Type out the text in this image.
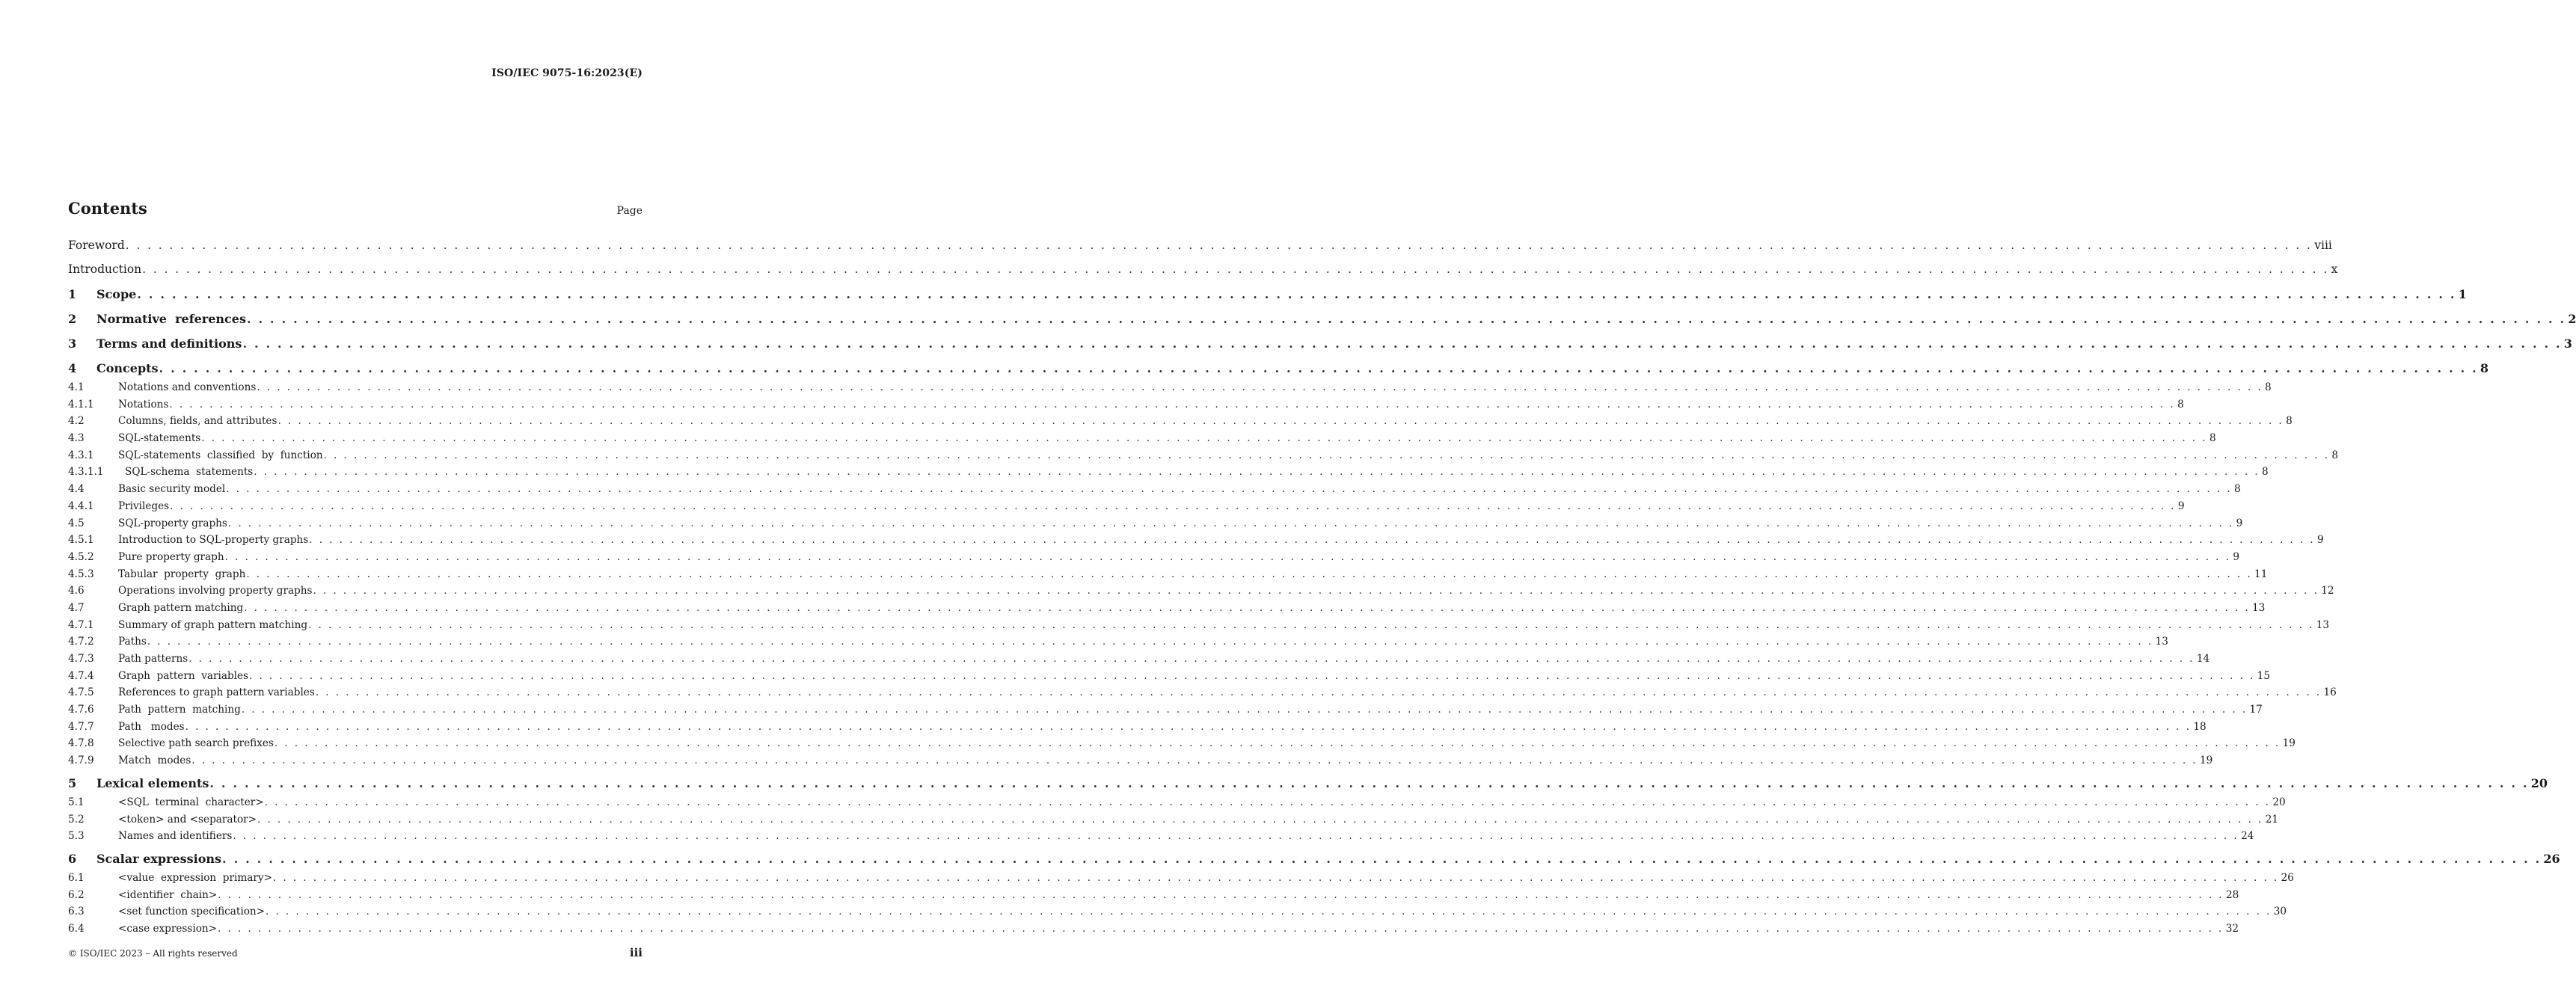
ISO/IEC 9075-16:2023(E)
Contents	Page
Foreword . . . . . . . . . . . . . . . . . . . . . . . . . . . . . . . . . . . . . . . . . . . . . . . . . . . . . . . . . . . . . . . . . . . . . . . . . . . . . . . . . . . . . . . . . . . . . . . . . . . . . . . . . . . . . . . . . . . . . . . . . . . . . . . . . . . . . . . . . . . . . . . . . . . . . . . . . . . . . . . . . . . . . . . . . . . . . . . . . . . . . . . . . . . . . . . . . . . . . . . . viii
Introduction . . . . . . . . . . . . . . . . . . . . . . . . . . . . . . . . . . . . . . . . . . . . . . . . . . . . . . . . . . . . . . . . . . . . . . . . . . . . . . . . . . . . . . . . . . . . . . . . . . . . . . . . . . . . . . . . . . . . . . . . . . . . . . . . . . . . . . . . . . . . . . . . . . . . . . . . . . . . . . . . . . . . . . . . . . . . . . . . . . . . . . . . . . . . . . . . . . . . . . . . x
1	Scope . . . . . . . . . . . . . . . . . . . . . . . . . . . . . . . . . . . . . . . . . . . . . . . . . . . . . . . . . . . . . . . . . . . . . . . . . . . . . . . . . . . . . . . . . . . . . . . . . . . . . . . . . . . . . . . . . . . . . . . . . . . . . . . . . . . . . . . . . . . . . . . . . . . . . . . . . . . . . . . . . . . . . . . . . . . . . . . . . . . . . . . . . . . . . . . . . . . . . . . . 1
2	Normative  references . . . . . . . . . . . . . . . . . . . . . . . . . . . . . . . . . . . . . . . . . . . . . . . . . . . . . . . . . . . . . . . . . . . . . . . . . . . . . . . . . . . . . . . . . . . . . . . . . . . . . . . . . . . . . . . . . . . . . . . . . . . . . . . . . . . . . . . . . . . . . . . . . . . . . . . . . . . . . . . . . . . . . . . . . . . . . . . . . . . . . . . . . . . . . . . . . . . . . . . . 2
3	Terms and definitions . . . . . . . . . . . . . . . . . . . . . . . . . . . . . . . . . . . . . . . . . . . . . . . . . . . . . . . . . . . . . . . . . . . . . . . . . . . . . . . . . . . . . . . . . . . . . . . . . . . . . . . . . . . . . . . . . . . . . . . . . . . . . . . . . . . . . . . . . . . . . . . . . . . . . . . . . . . . . . . . . . . . . . . . . . . . . . . . . . . . . . . . . . . . . . . . . . . . . . . . 3
4	Concepts . . . . . . . . . . . . . . . . . . . . . . . . . . . . . . . . . . . . . . . . . . . . . . . . . . . . . . . . . . . . . . . . . . . . . . . . . . . . . . . . . . . . . . . . . . . . . . . . . . . . . . . . . . . . . . . . . . . . . . . . . . . . . . . . . . . . . . . . . . . . . . . . . . . . . . . . . . . . . . . . . . . . . . . . . . . . . . . . . . . . . . . . . . . . . . . . . . . . . . . . 8
4.1	Notations and conventions . . . . . . . . . . . . . . . . . . . . . . . . . . . . . . . . . . . . . . . . . . . . . . . . . . . . . . . . . . . . . . . . . . . . . . . . . . . . . . . . . . . . . . . . . . . . . . . . . . . . . . . . . . . . . . . . . . . . . . . . . . . . . . . . . . . . . . . . . . . . . . . . . . . . . . . . . . . . . . . . . . . . . . . . . . . . . . . . . . . . . . . . . . . . . . . . . . . . . . . . 8
4.1.1	Notations . . . . . . . . . . . . . . . . . . . . . . . . . . . . . . . . . . . . . . . . . . . . . . . . . . . . . . . . . . . . . . . . . . . . . . . . . . . . . . . . . . . . . . . . . . . . . . . . . . . . . . . . . . . . . . . . . . . . . . . . . . . . . . . . . . . . . . . . . . . . . . . . . . . . . . . . . . . . . . . . . . . . . . . . . . . . . . . . . . . . . . . . . . . . . . . . . . . . . . . . 8
4.2	Columns, fields, and attributes . . . . . . . . . . . . . . . . . . . . . . . . . . . . . . . . . . . . . . . . . . . . . . . . . . . . . . . . . . . . . . . . . . . . . . . . . . . . . . . . . . . . . . . . . . . . . . . . . . . . . . . . . . . . . . . . . . . . . . . . . . . . . . . . . . . . . . . . . . . . . . . . . . . . . . . . . . . . . . . . . . . . . . . . . . . . . . . . . . . . . . . . . . . . . . . . . . . . . . . . 8
4.3	SQL-statements . . . . . . . . . . . . . . . . . . . . . . . . . . . . . . . . . . . . . . . . . . . . . . . . . . . . . . . . . . . . . . . . . . . . . . . . . . . . . . . . . . . . . . . . . . . . . . . . . . . . . . . . . . . . . . . . . . . . . . . . . . . . . . . . . . . . . . . . . . . . . . . . . . . . . . . . . . . . . . . . . . . . . . . . . . . . . . . . . . . . . . . . . . . . . . . . . . . . . . . . 8
4.3.1	SQL-statements  classified  by  function . . . . . . . . . . . . . . . . . . . . . . . . . . . . . . . . . . . . . . . . . . . . . . . . . . . . . . . . . . . . . . . . . . . . . . . . . . . . . . . . . . . . . . . . . . . . . . . . . . . . . . . . . . . . . . . . . . . . . . . . . . . . . . . . . . . . . . . . . . . . . . . . . . . . . . . . . . . . . . . . . . . . . . . . . . . . . . . . . . . . . . . . . . . . . . . . . . . . . . . . 8
4.3.1.1	SQL-schema  statements . . . . . . . . . . . . . . . . . . . . . . . . . . . . . . . . . . . . . . . . . . . . . . . . . . . . . . . . . . . . . . . . . . . . . . . . . . . . . . . . . . . . . . . . . . . . . . . . . . . . . . . . . . . . . . . . . . . . . . . . . . . . . . . . . . . . . . . . . . . . . . . . . . . . . . . . . . . . . . . . . . . . . . . . . . . . . . . . . . . . . . . . . . . . . . . . . . . . . . . . 8
4.4	Basic security model . . . . . . . . . . . . . . . . . . . . . . . . . . . . . . . . . . . . . . . . . . . . . . . . . . . . . . . . . . . . . . . . . . . . . . . . . . . . . . . . . . . . . . . . . . . . . . . . . . . . . . . . . . . . . . . . . . . . . . . . . . . . . . . . . . . . . . . . . . . . . . . . . . . . . . . . . . . . . . . . . . . . . . . . . . . . . . . . . . . . . . . . . . . . . . . . . . . . . . . . 8
4.4.1	Privileges . . . . . . . . . . . . . . . . . . . . . . . . . . . . . . . . . . . . . . . . . . . . . . . . . . . . . . . . . . . . . . . . . . . . . . . . . . . . . . . . . . . . . . . . . . . . . . . . . . . . . . . . . . . . . . . . . . . . . . . . . . . . . . . . . . . . . . . . . . . . . . . . . . . . . . . . . . . . . . . . . . . . . . . . . . . . . . . . . . . . . . . . . . . . . . . . . . . . . . . . 9
4.5	SQL-property graphs . . . . . . . . . . . . . . . . . . . . . . . . . . . . . . . . . . . . . . . . . . . . . . . . . . . . . . . . . . . . . . . . . . . . . . . . . . . . . . . . . . . . . . . . . . . . . . . . . . . . . . . . . . . . . . . . . . . . . . . . . . . . . . . . . . . . . . . . . . . . . . . . . . . . . . . . . . . . . . . . . . . . . . . . . . . . . . . . . . . . . . . . . . . . . . . . . . . . . . . . 9
4.5.1	Introduction to SQL-property graphs . . . . . . . . . . . . . . . . . . . . . . . . . . . . . . . . . . . . . . . . . . . . . . . . . . . . . . . . . . . . . . . . . . . . . . . . . . . . . . . . . . . . . . . . . . . . . . . . . . . . . . . . . . . . . . . . . . . . . . . . . . . . . . . . . . . . . . . . . . . . . . . . . . . . . . . . . . . . . . . . . . . . . . . . . . . . . . . . . . . . . . . . . . . . . . . . . . . . . . . . 9
4.5.2	Pure property graph . . . . . . . . . . . . . . . . . . . . . . . . . . . . . . . . . . . . . . . . . . . . . . . . . . . . . . . . . . . . . . . . . . . . . . . . . . . . . . . . . . . . . . . . . . . . . . . . . . . . . . . . . . . . . . . . . . . . . . . . . . . . . . . . . . . . . . . . . . . . . . . . . . . . . . . . . . . . . . . . . . . . . . . . . . . . . . . . . . . . . . . . . . . . . . . . . . . . . . . . 9
4.5.3	Tabular  property  graph . . . . . . . . . . . . . . . . . . . . . . . . . . . . . . . . . . . . . . . . . . . . . . . . . . . . . . . . . . . . . . . . . . . . . . . . . . . . . . . . . . . . . . . . . . . . . . . . . . . . . . . . . . . . . . . . . . . . . . . . . . . . . . . . . . . . . . . . . . . . . . . . . . . . . . . . . . . . . . . . . . . . . . . . . . . . . . . . . . . . . . . . . . . . . . . . . . . . . . . . 11
4.6	Operations involving property graphs . . . . . . . . . . . . . . . . . . . . . . . . . . . . . . . . . . . . . . . . . . . . . . . . . . . . . . . . . . . . . . . . . . . . . . . . . . . . . . . . . . . . . . . . . . . . . . . . . . . . . . . . . . . . . . . . . . . . . . . . . . . . . . . . . . . . . . . . . . . . . . . . . . . . . . . . . . . . . . . . . . . . . . . . . . . . . . . . . . . . . . . . . . . . . . . . . . . . . . . . 12
4.7	Graph pattern matching . . . . . . . . . . . . . . . . . . . . . . . . . . . . . . . . . . . . . . . . . . . . . . . . . . . . . . . . . . . . . . . . . . . . . . . . . . . . . . . . . . . . . . . . . . . . . . . . . . . . . . . . . . . . . . . . . . . . . . . . . . . . . . . . . . . . . . . . . . . . . . . . . . . . . . . . . . . . . . . . . . . . . . . . . . . . . . . . . . . . . . . . . . . . . . . . . . . . . . . . 13
4.7.1	Summary of graph pattern matching . . . . . . . . . . . . . . . . . . . . . . . . . . . . . . . . . . . . . . . . . . . . . . . . . . . . . . . . . . . . . . . . . . . . . . . . . . . . . . . . . . . . . . . . . . . . . . . . . . . . . . . . . . . . . . . . . . . . . . . . . . . . . . . . . . . . . . . . . . . . . . . . . . . . . . . . . . . . . . . . . . . . . . . . . . . . . . . . . . . . . . . . . . . . . . . . . . . . . . . . 13
4.7.2	Paths . . . . . . . . . . . . . . . . . . . . . . . . . . . . . . . . . . . . . . . . . . . . . . . . . . . . . . . . . . . . . . . . . . . . . . . . . . . . . . . . . . . . . . . . . . . . . . . . . . . . . . . . . . . . . . . . . . . . . . . . . . . . . . . . . . . . . . . . . . . . . . . . . . . . . . . . . . . . . . . . . . . . . . . . . . . . . . . . . . . . . . . . . . . . . . . . . . . . . . . . 13
4.7.3	Path patterns . . . . . . . . . . . . . . . . . . . . . . . . . . . . . . . . . . . . . . . . . . . . . . . . . . . . . . . . . . . . . . . . . . . . . . . . . . . . . . . . . . . . . . . . . . . . . . . . . . . . . . . . . . . . . . . . . . . . . . . . . . . . . . . . . . . . . . . . . . . . . . . . . . . . . . . . . . . . . . . . . . . . . . . . . . . . . . . . . . . . . . . . . . . . . . . . . . . . . . . . 14
4.7.4	Graph  pattern  variables . . . . . . . . . . . . . . . . . . . . . . . . . . . . . . . . . . . . . . . . . . . . . . . . . . . . . . . . . . . . . . . . . . . . . . . . . . . . . . . . . . . . . . . . . . . . . . . . . . . . . . . . . . . . . . . . . . . . . . . . . . . . . . . . . . . . . . . . . . . . . . . . . . . . . . . . . . . . . . . . . . . . . . . . . . . . . . . . . . . . . . . . . . . . . . . . . . . . . . . . 15
4.7.5	References to graph pattern variables . . . . . . . . . . . . . . . . . . . . . . . . . . . . . . . . . . . . . . . . . . . . . . . . . . . . . . . . . . . . . . . . . . . . . . . . . . . . . . . . . . . . . . . . . . . . . . . . . . . . . . . . . . . . . . . . . . . . . . . . . . . . . . . . . . . . . . . . . . . . . . . . . . . . . . . . . . . . . . . . . . . . . . . . . . . . . . . . . . . . . . . . . . . . . . . . . . . . . . . . 16
4.7.6	Path  pattern  matching . . . . . . . . . . . . . . . . . . . . . . . . . . . . . . . . . . . . . . . . . . . . . . . . . . . . . . . . . . . . . . . . . . . . . . . . . . . . . . . . . . . . . . . . . . . . . . . . . . . . . . . . . . . . . . . . . . . . . . . . . . . . . . . . . . . . . . . . . . . . . . . . . . . . . . . . . . . . . . . . . . . . . . . . . . . . . . . . . . . . . . . . . . . . . . . . . . . . . . . . 17
4.7.7	Path   modes . . . . . . . . . . . . . . . . . . . . . . . . . . . . . . . . . . . . . . . . . . . . . . . . . . . . . . . . . . . . . . . . . . . . . . . . . . . . . . . . . . . . . . . . . . . . . . . . . . . . . . . . . . . . . . . . . . . . . . . . . . . . . . . . . . . . . . . . . . . . . . . . . . . . . . . . . . . . . . . . . . . . . . . . . . . . . . . . . . . . . . . . . . . . . . . . . . . . . . . . 18
4.7.8	Selective path search prefixes . . . . . . . . . . . . . . . . . . . . . . . . . . . . . . . . . . . . . . . . . . . . . . . . . . . . . . . . . . . . . . . . . . . . . . . . . . . . . . . . . . . . . . . . . . . . . . . . . . . . . . . . . . . . . . . . . . . . . . . . . . . . . . . . . . . . . . . . . . . . . . . . . . . . . . . . . . . . . . . . . . . . . . . . . . . . . . . . . . . . . . . . . . . . . . . . . . . . . . . . 19
4.7.9	Match  modes . . . . . . . . . . . . . . . . . . . . . . . . . . . . . . . . . . . . . . . . . . . . . . . . . . . . . . . . . . . . . . . . . . . . . . . . . . . . . . . . . . . . . . . . . . . . . . . . . . . . . . . . . . . . . . . . . . . . . . . . . . . . . . . . . . . . . . . . . . . . . . . . . . . . . . . . . . . . . . . . . . . . . . . . . . . . . . . . . . . . . . . . . . . . . . . . . . . . . . . . 19
5	Lexical elements . . . . . . . . . . . . . . . . . . . . . . . . . . . . . . . . . . . . . . . . . . . . . . . . . . . . . . . . . . . . . . . . . . . . . . . . . . . . . . . . . . . . . . . . . . . . . . . . . . . . . . . . . . . . . . . . . . . . . . . . . . . . . . . . . . . . . . . . . . . . . . . . . . . . . . . . . . . . . . . . . . . . . . . . . . . . . . . . . . . . . . . . . . . . . . . . . . . . . . . . 20
5.1	<SQL  terminal  character> . . . . . . . . . . . . . . . . . . . . . . . . . . . . . . . . . . . . . . . . . . . . . . . . . . . . . . . . . . . . . . . . . . . . . . . . . . . . . . . . . . . . . . . . . . . . . . . . . . . . . . . . . . . . . . . . . . . . . . . . . . . . . . . . . . . . . . . . . . . . . . . . . . . . . . . . . . . . . . . . . . . . . . . . . . . . . . . . . . . . . . . . . . . . . . . . . . . . . . . . 20
5.2	<token> and <separator> . . . . . . . . . . . . . . . . . . . . . . . . . . . . . . . . . . . . . . . . . . . . . . . . . . . . . . . . . . . . . . . . . . . . . . . . . . . . . . . . . . . . . . . . . . . . . . . . . . . . . . . . . . . . . . . . . . . . . . . . . . . . . . . . . . . . . . . . . . . . . . . . . . . . . . . . . . . . . . . . . . . . . . . . . . . . . . . . . . . . . . . . . . . . . . . . . . . . . . . . 21
5.3	Names and identifiers . . . . . . . . . . . . . . . . . . . . . . . . . . . . . . . . . . . . . . . . . . . . . . . . . . . . . . . . . . . . . . . . . . . . . . . . . . . . . . . . . . . . . . . . . . . . . . . . . . . . . . . . . . . . . . . . . . . . . . . . . . . . . . . . . . . . . . . . . . . . . . . . . . . . . . . . . . . . . . . . . . . . . . . . . . . . . . . . . . . . . . . . . . . . . . . . . . . . . . . . 24
6	Scalar expressions . . . . . . . . . . . . . . . . . . . . . . . . . . . . . . . . . . . . . . . . . . . . . . . . . . . . . . . . . . . . . . . . . . . . . . . . . . . . . . . . . . . . . . . . . . . . . . . . . . . . . . . . . . . . . . . . . . . . . . . . . . . . . . . . . . . . . . . . . . . . . . . . . . . . . . . . . . . . . . . . . . . . . . . . . . . . . . . . . . . . . . . . . . . . . . . . . . . . . . . . 26
6.1	<value  expression  primary> . . . . . . . . . . . . . . . . . . . . . . . . . . . . . . . . . . . . . . . . . . . . . . . . . . . . . . . . . . . . . . . . . . . . . . . . . . . . . . . . . . . . . . . . . . . . . . . . . . . . . . . . . . . . . . . . . . . . . . . . . . . . . . . . . . . . . . . . . . . . . . . . . . . . . . . . . . . . . . . . . . . . . . . . . . . . . . . . . . . . . . . . . . . . . . . . . . . . . . . . 26
6.2	<identifier  chain> . . . . . . . . . . . . . . . . . . . . . . . . . . . . . . . . . . . . . . . . . . . . . . . . . . . . . . . . . . . . . . . . . . . . . . . . . . . . . . . . . . . . . . . . . . . . . . . . . . . . . . . . . . . . . . . . . . . . . . . . . . . . . . . . . . . . . . . . . . . . . . . . . . . . . . . . . . . . . . . . . . . . . . . . . . . . . . . . . . . . . . . . . . . . . . . . . . . . . . . . 28
6.3	<set function specification> . . . . . . . . . . . . . . . . . . . . . . . . . . . . . . . . . . . . . . . . . . . . . . . . . . . . . . . . . . . . . . . . . . . . . . . . . . . . . . . . . . . . . . . . . . . . . . . . . . . . . . . . . . . . . . . . . . . . . . . . . . . . . . . . . . . . . . . . . . . . . . . . . . . . . . . . . . . . . . . . . . . . . . . . . . . . . . . . . . . . . . . . . . . . . . . . . . . . . . . . 30
6.4	<case expression> . . . . . . . . . . . . . . . . . . . . . . . . . . . . . . . . . . . . . . . . . . . . . . . . . . . . . . . . . . . . . . . . . . . . . . . . . . . . . . . . . . . . . . . . . . . . . . . . . . . . . . . . . . . . . . . . . . . . . . . . . . . . . . . . . . . . . . . . . . . . . . . . . . . . . . . . . . . . . . . . . . . . . . . . . . . . . . . . . . . . . . . . . . . . . . . . . . . . . . . . 32
© ISO/IEC 2023 – All rights reserved	iii
